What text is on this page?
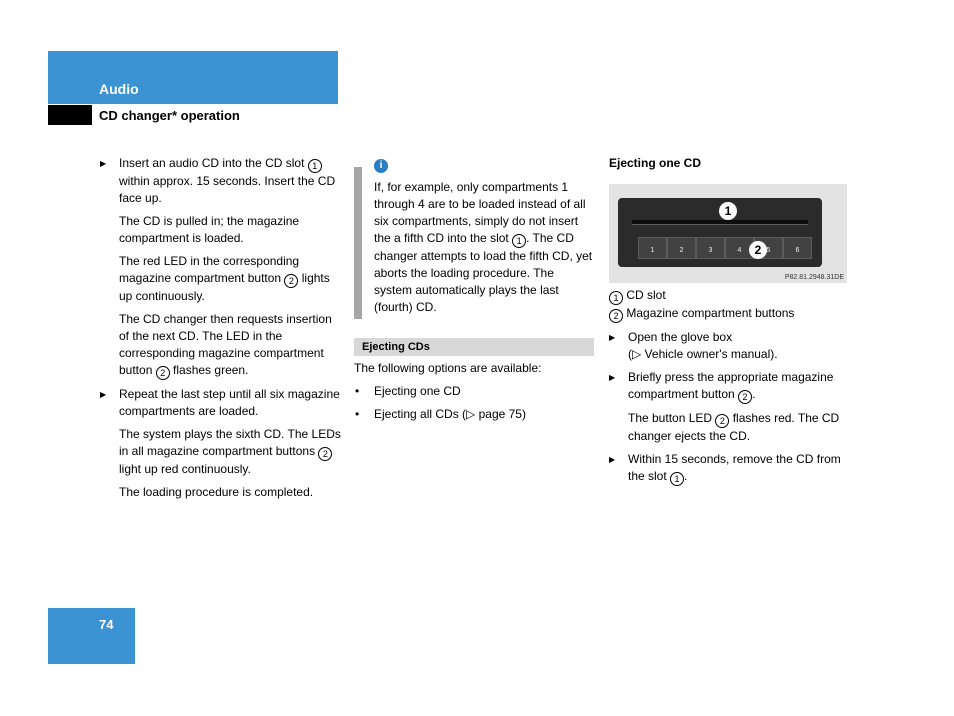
Audio
CD changer* operation
▶ Insert an audio CD into the CD slot 1 within approx. 15 seconds. Insert the CD face up.
The CD is pulled in; the magazine compartment is loaded.
The red LED in the corresponding magazine compartment button 2 lights up continuously.
The CD changer then requests insertion of the next CD. The LED in the corresponding magazine compartment button 2 flashes green.
▶ Repeat the last step until all six magazine compartments are loaded.
The system plays the sixth CD. The LEDs in all magazine compartment buttons 2 light up red continuously.
The loading procedure is completed.
i
If, for example, only compartments 1 through 4 are to be loaded instead of all six compartments, simply do not insert the a fifth CD into the slot 1 . The CD changer attempts to load the fifth CD, yet aborts the loading procedure. The system automatically plays the last (fourth) CD.
Ejecting CDs
The following options are available:
• Ejecting one CD
• Ejecting all CDs (▷ page 75)
Ejecting one CD
1	2	3	4	5	6
1
2
P82.81.2948.31DE
1 CD slot
2 Magazine compartment buttons
▶ Open the glove box
(▷ Vehicle owner's manual).
▶ Briefly press the appropriate magazine compartment button 2 .
The button LED 2 flashes red. The CD changer ejects the CD.
▶ Within 15 seconds, remove the CD from the slot 1 .
74
